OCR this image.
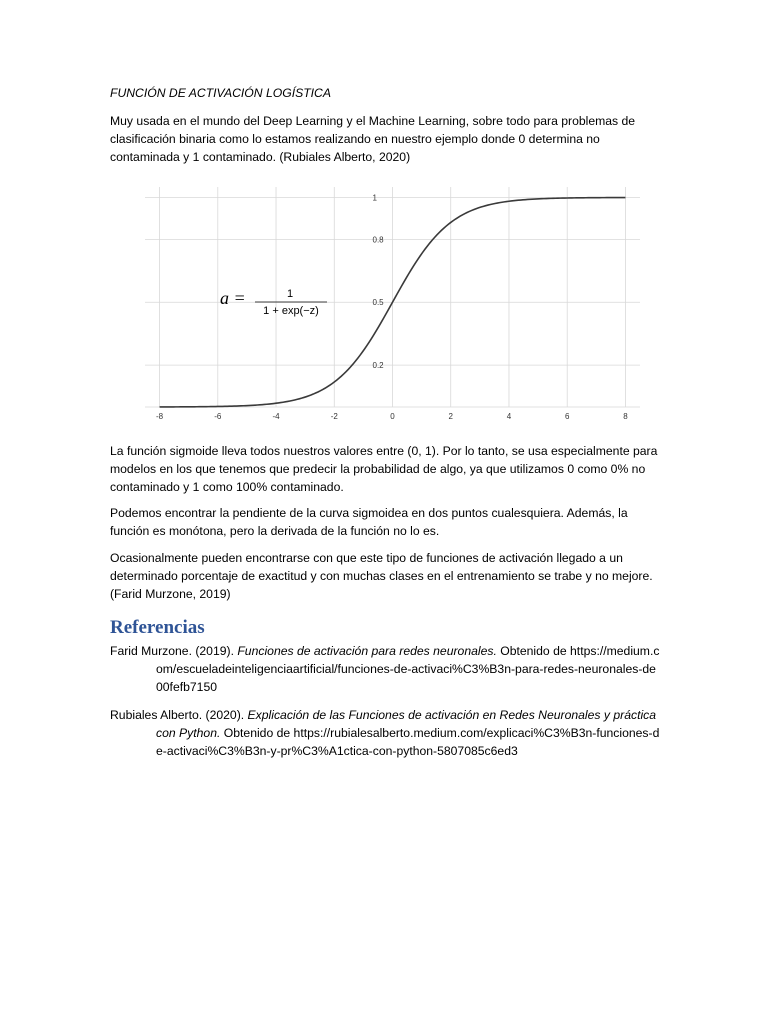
FUNCIÓN DE ACTIVACIÓN LOGÍSTICA

Muy usada en el mundo del Deep Learning y el Machine Learning, sobre todo para problemas de clasificación binaria como lo estamos realizando en nuestro ejemplo donde 0 determina no contaminada y 1 contaminado. (Rubiales Alberto, 2020)

La función sigmoide lleva todos nuestros valores entre (0, 1). Por lo tanto, se usa especialmente para modelos en los que tenemos que predecir la probabilidad de algo, ya que utilizamos 0 como 0% no contaminado y 1 como 100% contaminado.

Podemos encontrar la pendiente de la curva sigmoidea en dos puntos cualesquiera. Además, la función es monótona, pero la derivada de la función no lo es.

Ocasionalmente pueden encontrarse con que este tipo de funciones de activación llegado a un determinado porcentaje de exactitud y con muchas clases en el entrenamiento se trabe y no mejore. (Farid Murzone, 2019)

-8	-6	-4	-2	0	2	4	6	8
0.2
0.5
0.8
1
a =	1
1 + exp(−z)
Referencias

Farid Murzone. (2019). Funciones de activación para redes neuronales. Obtenido de https://medium.com/escueladeinteligenciaartificial/funciones-de-activaci%C3%B3n-para-redes-neuronales-de00fefb7150

Rubiales Alberto. (2020). Explicación de las Funciones de activación en Redes Neuronales y práctica con Python. Obtenido de https://rubialesalberto.medium.com/explicaci%C3%B3n-funciones-de-activaci%C3%B3n-y-pr%C3%A1ctica-con-python-5807085c6ed3
